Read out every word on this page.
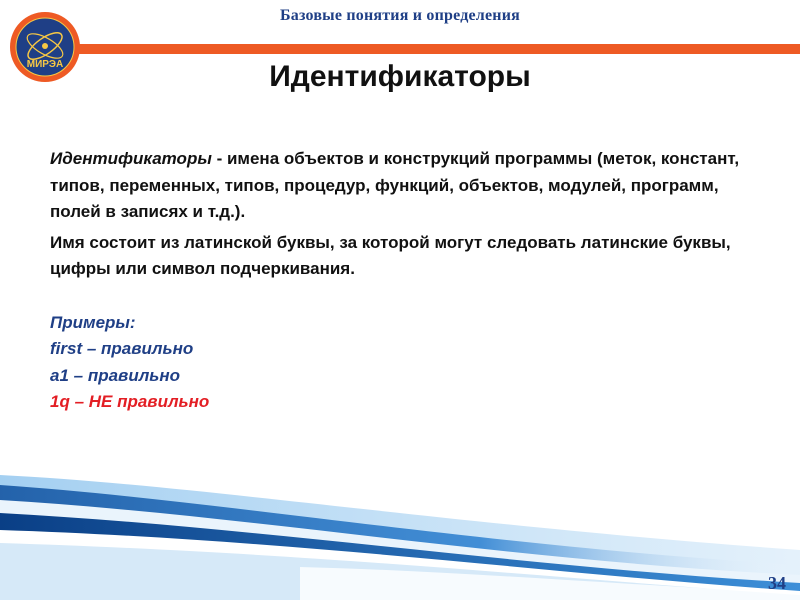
МИРЭА
Базовые понятия и определения
Идентификаторы

Идентификаторы - имена объектов и конструкций программы (меток, констант, типов, переменных, типов, процедур, функций, объектов, модулей, программ, полей в записях и т.д.).

Имя состоит из латинской буквы, за которой могут следовать латинские буквы, цифры или символ подчеркивания.

Примеры:

first – правильно

a1 – правильно

1q – НЕ правильно

34
